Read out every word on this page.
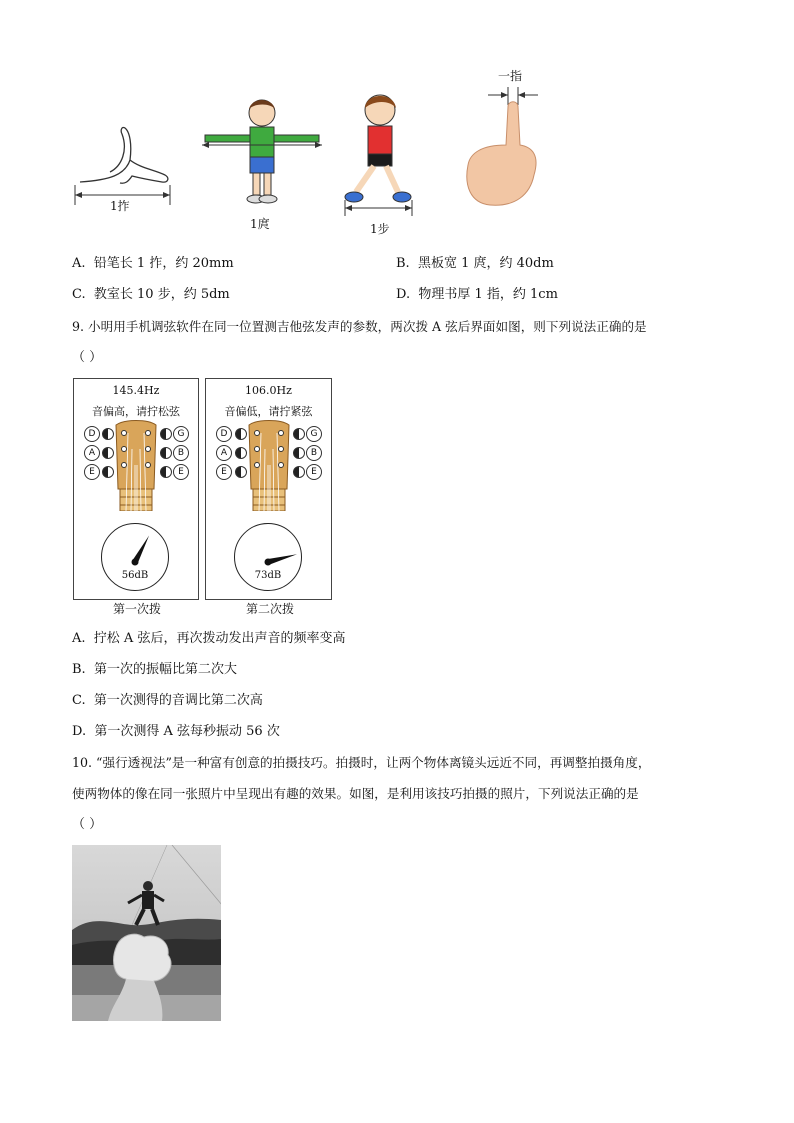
1拃
1庹	1步
一指
A. 铅笔长 1 拃，约 20mm	B. 黑板宽 1 庹，约 40dm
C. 教室长 10 步，约 5dm	D. 物理书厚 1 指，约 1cm
9. 小明用手机调弦软件在同一位置测吉他弦发声的参数，两次拨 A 弦后界面如图，则下列说法正确的是
（ ）
145.4Hz
音偏高，请拧松弦
D
A
E
G
B
E
56dB
第一次拨
106.0Hz
音偏低，请拧紧弦
D
A
E
G
B
E
73dB
第二次拨
A. 拧松 A 弦后，再次拨动发出声音的频率变高
B. 第一次的振幅比第二次大
C. 第一次测得的音调比第二次高
D. 第一次测得 A 弦每秒振动 56 次
10. “强行透视法”是一种富有创意的拍摄技巧。拍摄时，让两个物体离镜头远近不同，再调整拍摄角度，
使两物体的像在同一张照片中呈现出有趣的效果。如图，是利用该技巧拍摄的照片，下列说法正确的是
（ ）
